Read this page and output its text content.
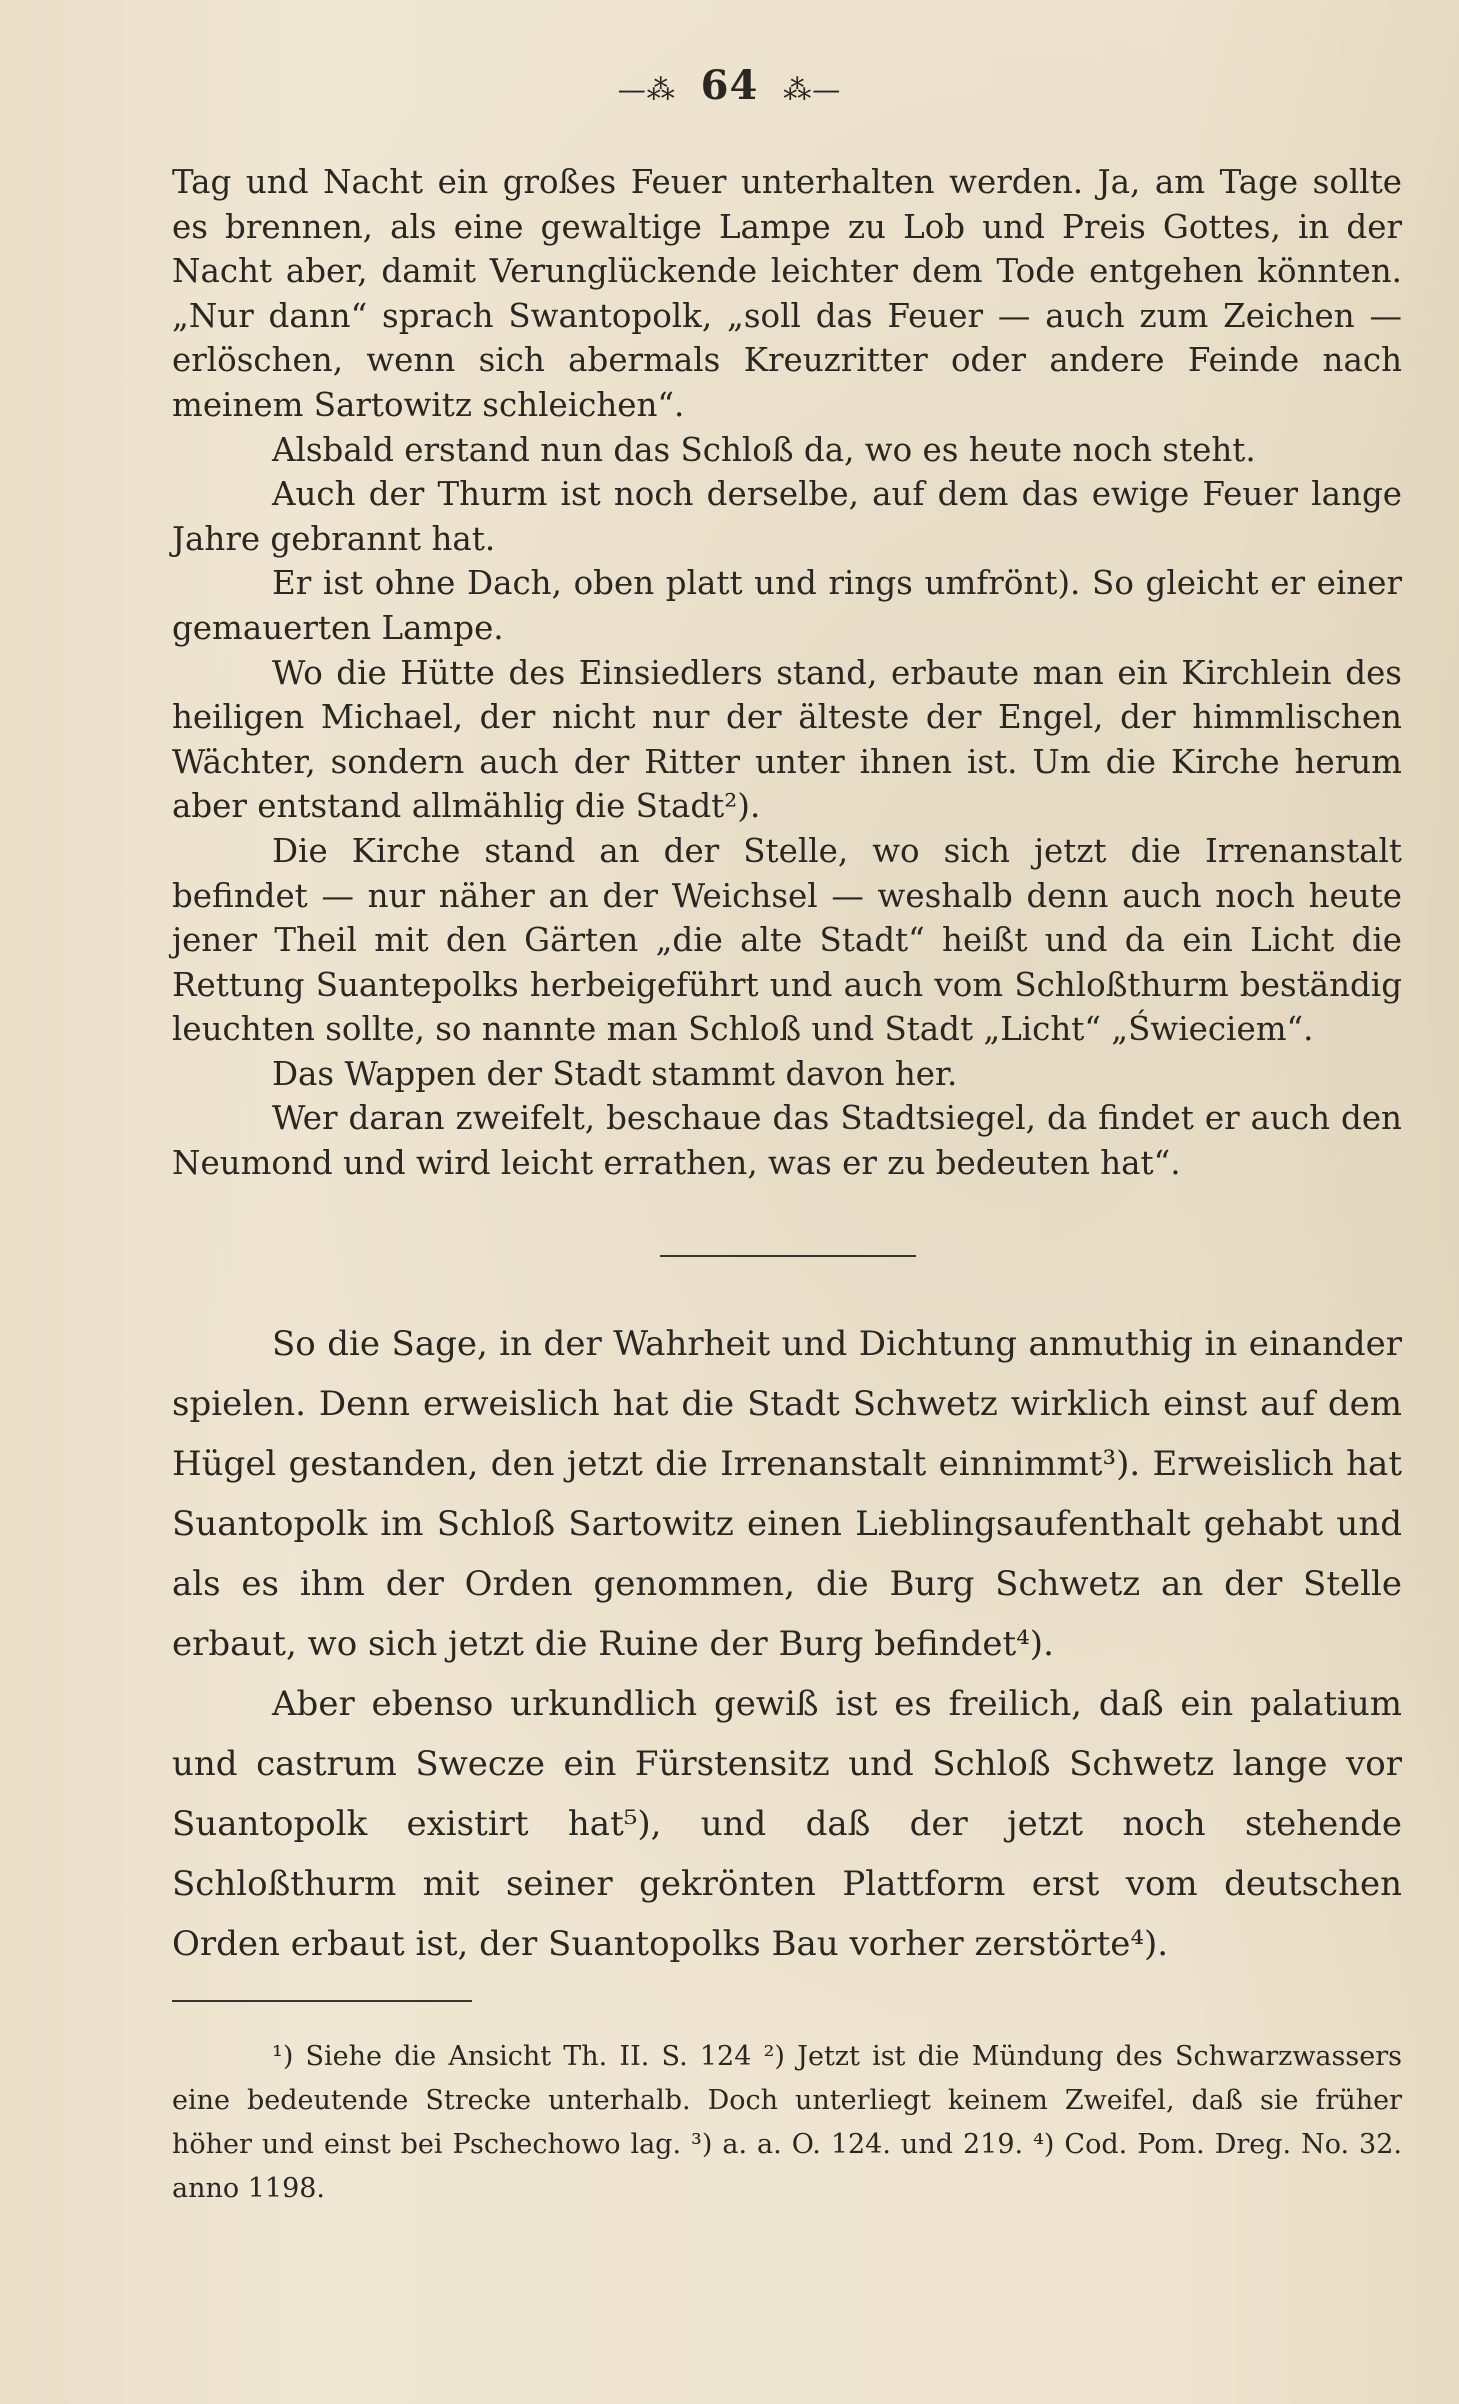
—⁂ 64 ⁂—

Tag und Nacht ein großes Feuer unterhalten werden. Ja, am Tage sollte es brennen, als eine gewaltige Lampe zu Lob und Preis Gottes, in der Nacht aber, damit Verunglückende leichter dem Tode entgehen könnten. „Nur dann“ sprach Swantopolk, „soll das Feuer — auch zum Zeichen — erlöschen, wenn sich abermals Kreuzritter oder andere Feinde nach meinem Sartowitz schleichen“.

Alsbald erstand nun das Schloß da, wo es heute noch steht.

Auch der Thurm ist noch derselbe, auf dem das ewige Feuer lange Jahre gebrannt hat.

Er ist ohne Dach, oben platt und rings umfrönt). So gleicht er einer gemauerten Lampe.

Wo die Hütte des Einsiedlers stand, erbaute man ein Kirchlein des heiligen Michael, der nicht nur der älteste der Engel, der himmlischen Wächter, sondern auch der Ritter unter ihnen ist. Um die Kirche herum aber entstand allmählig die Stadt²).

Die Kirche stand an der Stelle, wo sich jetzt die Irrenanstalt befindet — nur näher an der Weichsel — weshalb denn auch noch heute jener Theil mit den Gärten „die alte Stadt“ heißt und da ein Licht die Rettung Suantepolks herbeigeführt und auch vom Schloßthurm beständig leuchten sollte, so nannte man Schloß und Stadt „Licht“ „Świeciem“.

Das Wappen der Stadt stammt davon her.

Wer daran zweifelt, beschaue das Stadtsiegel, da findet er auch den Neumond und wird leicht errathen, was er zu bedeuten hat“.

So die Sage, in der Wahrheit und Dichtung anmuthig in einander spielen. Denn erweislich hat die Stadt Schwetz wirklich einst auf dem Hügel gestanden, den jetzt die Irrenanstalt einnimmt³). Erweislich hat Suantopolk im Schloß Sartowitz einen Lieblingsaufenthalt gehabt und als es ihm der Orden genommen, die Burg Schwetz an der Stelle erbaut, wo sich jetzt die Ruine der Burg befindet⁴).

Aber ebenso urkundlich gewiß ist es freilich, daß ein palatium und castrum Swecze ein Fürstensitz und Schloß Schwetz lange vor Suantopolk existirt hat⁵), und daß der jetzt noch stehende Schloßthurm mit seiner gekrönten Plattform erst vom deutschen Orden erbaut ist, der Suantopolks Bau vorher zerstörte⁴).

¹) Siehe die Ansicht Th. II. S. 124 ²) Jetzt ist die Mündung des Schwarzwassers eine bedeutende Strecke unterhalb. Doch unterliegt keinem Zweifel, daß sie früher höher und einst bei Pschechowo lag. ³) a. a. O. 124. und 219. ⁴) Cod. Pom. Dreg. No. 32. anno 1198.
